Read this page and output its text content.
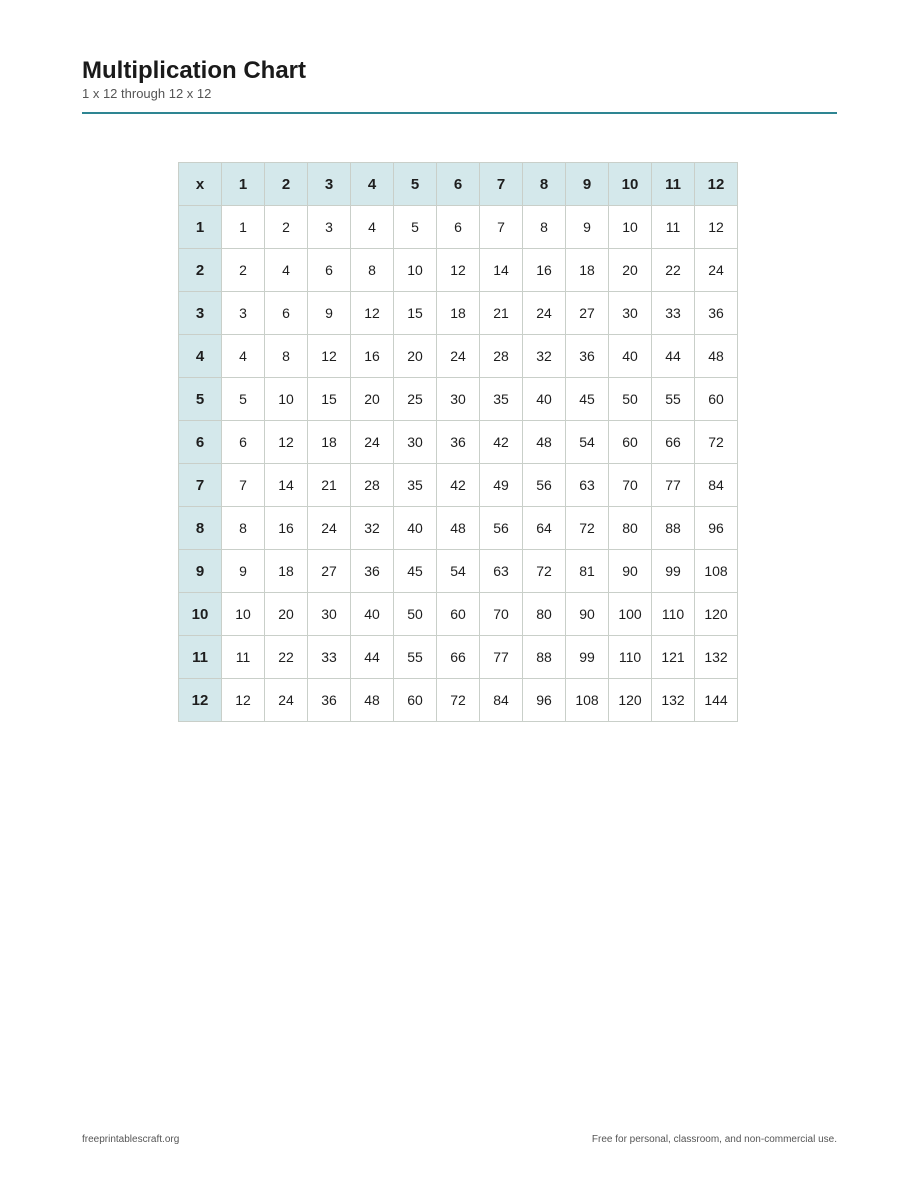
Multiplication Chart

1 x 12 through 12 x 12

x	1	2	3	4	5	6	7	8	9	10	11	12
1	1	2	3	4	5	6	7	8	9	10	11	12
2	2	4	6	8	10	12	14	16	18	20	22	24
3	3	6	9	12	15	18	21	24	27	30	33	36
4	4	8	12	16	20	24	28	32	36	40	44	48
5	5	10	15	20	25	30	35	40	45	50	55	60
6	6	12	18	24	30	36	42	48	54	60	66	72
7	7	14	21	28	35	42	49	56	63	70	77	84
8	8	16	24	32	40	48	56	64	72	80	88	96
9	9	18	27	36	45	54	63	72	81	90	99	108
10	10	20	30	40	50	60	70	80	90	100	110	120
11	11	22	33	44	55	66	77	88	99	110	121	132
12	12	24	36	48	60	72	84	96	108	120	132	144
freeprintablescraft.org	Free for personal, classroom, and non-commercial use.
